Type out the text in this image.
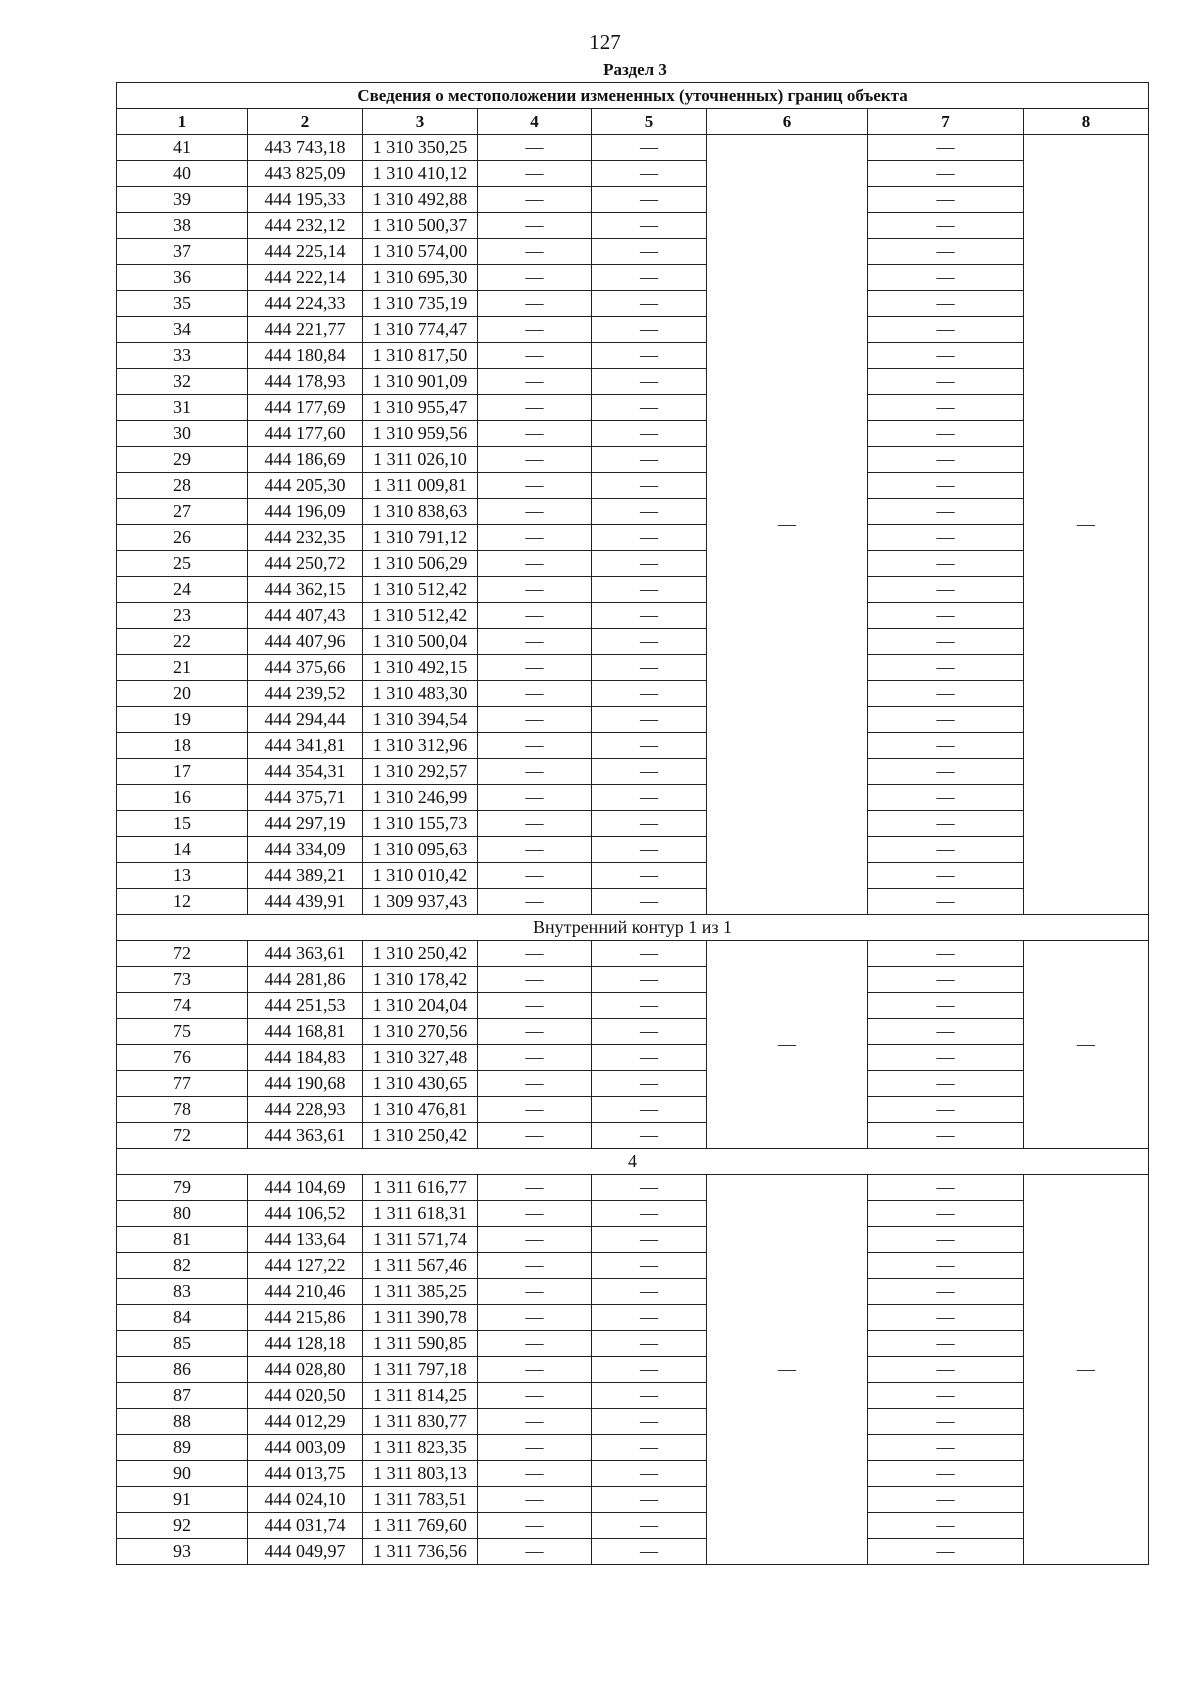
127
Раздел 3
Сведения о местоположении измененных (уточненных) границ объекта							
1	2	3	4	5	6	7	8
41	443 743,18	1 310 350,25	—	—	—	—	—
40	443 825,09	1 310 410,12	—	—		—	
39	444 195,33	1 310 492,88	—	—		—	
38	444 232,12	1 310 500,37	—	—		—	
37	444 225,14	1 310 574,00	—	—		—	
36	444 222,14	1 310 695,30	—	—		—	
35	444 224,33	1 310 735,19	—	—		—	
34	444 221,77	1 310 774,47	—	—		—	
33	444 180,84	1 310 817,50	—	—		—	
32	444 178,93	1 310 901,09	—	—		—	
31	444 177,69	1 310 955,47	—	—		—	
30	444 177,60	1 310 959,56	—	—		—	
29	444 186,69	1 311 026,10	—	—		—	
28	444 205,30	1 311 009,81	—	—		—	
27	444 196,09	1 310 838,63	—	—		—	
26	444 232,35	1 310 791,12	—	—		—	
25	444 250,72	1 310 506,29	—	—		—	
24	444 362,15	1 310 512,42	—	—		—	
23	444 407,43	1 310 512,42	—	—		—	
22	444 407,96	1 310 500,04	—	—		—	
21	444 375,66	1 310 492,15	—	—		—	
20	444 239,52	1 310 483,30	—	—		—	
19	444 294,44	1 310 394,54	—	—		—	
18	444 341,81	1 310 312,96	—	—		—	
17	444 354,31	1 310 292,57	—	—		—	
16	444 375,71	1 310 246,99	—	—		—	
15	444 297,19	1 310 155,73	—	—		—	
14	444 334,09	1 310 095,63	—	—		—	
13	444 389,21	1 310 010,42	—	—		—	
12	444 439,91	1 309 937,43	—	—		—	
Внутренний контур 1 из 1							
72	444 363,61	1 310 250,42	—	—	—	—	—
73	444 281,86	1 310 178,42	—	—		—	
74	444 251,53	1 310 204,04	—	—		—	
75	444 168,81	1 310 270,56	—	—		—	
76	444 184,83	1 310 327,48	—	—		—	
77	444 190,68	1 310 430,65	—	—		—	
78	444 228,93	1 310 476,81	—	—		—	
72	444 363,61	1 310 250,42	—	—		—	
4							
79	444 104,69	1 311 616,77	—	—	—	—	—
80	444 106,52	1 311 618,31	—	—		—	
81	444 133,64	1 311 571,74	—	—		—	
82	444 127,22	1 311 567,46	—	—		—	
83	444 210,46	1 311 385,25	—	—		—	
84	444 215,86	1 311 390,78	—	—		—	
85	444 128,18	1 311 590,85	—	—		—	
86	444 028,80	1 311 797,18	—	—		—	
87	444 020,50	1 311 814,25	—	—		—	
88	444 012,29	1 311 830,77	—	—		—	
89	444 003,09	1 311 823,35	—	—		—	
90	444 013,75	1 311 803,13	—	—		—	
91	444 024,10	1 311 783,51	—	—		—	
92	444 031,74	1 311 769,60	—	—		—	
93	444 049,97	1 311 736,56	—	—		—	
